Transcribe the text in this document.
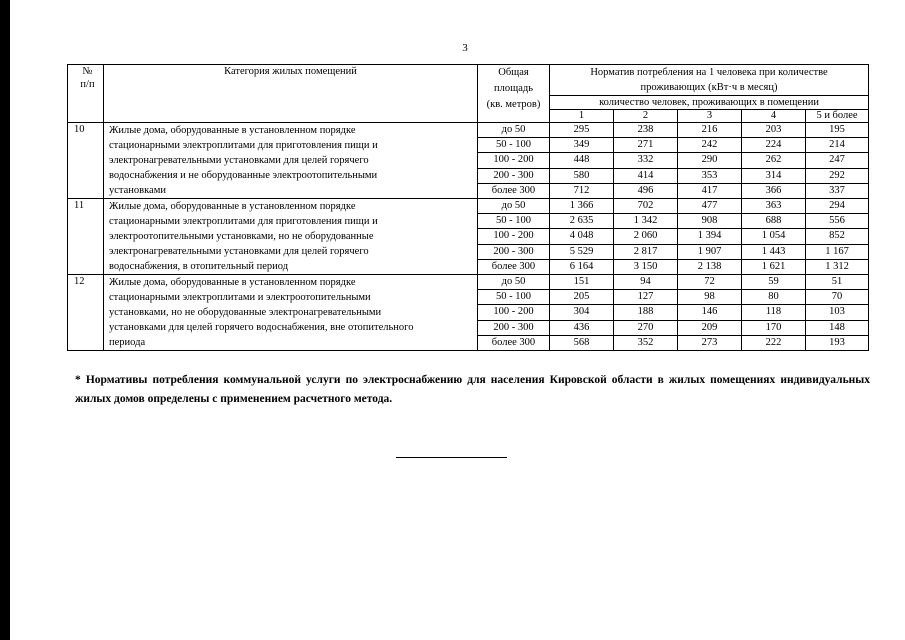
3
№
п/п	Категория жилых помещений	Общая
площадь
(кв. метров)	Норматив потребления на 1 человека при количестве
проживающих (кВт·ч в месяц)				

			количество человек, проживающих в помещении				
			1	2	3	4	5 и более
10	Жилые дома, оборудованные в установленном порядке
стационарными электроплитами для приготовления пищи и
электронагревательными установками для целей горячего
водоснабжения и не оборудованные электроотопительными
установками	до 50	295	238	216	203	195
		50 - 100	349	271	242	224	214
		100 - 200	448	332	290	262	247
		200 - 300	580	414	353	314	292
		более 300	712	496	417	366	337
11	Жилые дома, оборудованные в установленном порядке
стационарными электроплитами для приготовления пищи и
электроотопительными установками, но не оборудованные
электронагревательными установками для целей горячего
водоснабжения, в отопительный период	до 50	1 366	702	477	363	294
		50 - 100	2 635	1 342	908	688	556
		100 - 200	4 048	2 060	1 394	1 054	852
		200 - 300	5 529	2 817	1 907	1 443	1 167
		более 300	6 164	3 150	2 138	1 621	1 312
12	Жилые дома, оборудованные в установленном порядке
стационарными электроплитами и электроотопительными
установками, но не оборудованные электронагревательными
установками для целей горячего водоснабжения, вне отопительного
периода	до 50	151	94	72	59	51
		50 - 100	205	127	98	80	70
		100 - 200	304	188	146	118	103
		200 - 300	436	270	209	170	148
		более 300	568	352	273	222	193
* Нормативы потребления коммунальной услуги по электроснабжению для населения Кировской области в жилых помещениях индивидуальных жилых домов определены с применением расчетного метода.
